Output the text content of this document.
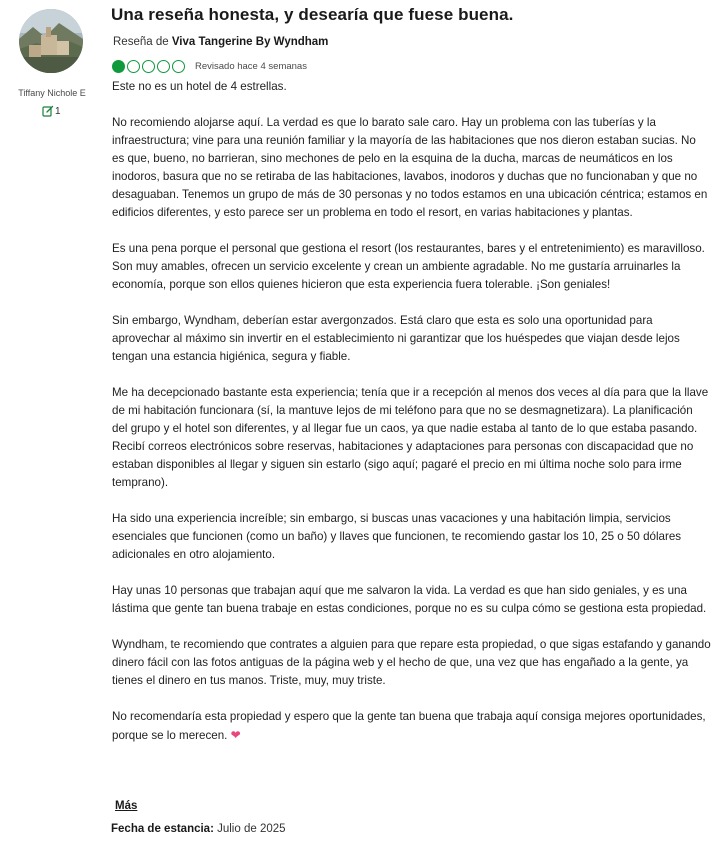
Tiffany Nichole E
1
Una reseña honesta, y desearía que fuese buena.
Reseña de Viva Tangerine By Wyndham
Revisado hace 4 semanas

Este no es un hotel de 4 estrellas.

No recomiendo alojarse aquí. La verdad es que lo barato sale caro. Hay un problema con las tuberías y la infraestructura; vine para una reunión familiar y la mayoría de las habitaciones que nos dieron estaban sucias. No es que, bueno, no barrieran, sino mechones de pelo en la esquina de la ducha, marcas de neumáticos en los inodoros, basura que no se retiraba de las habitaciones, lavabos, inodoros y duchas que no funcionaban y que no desaguaban. Tenemos un grupo de más de 30 personas y no todos estamos en una ubicación céntrica; estamos en edificios diferentes, y esto parece ser un problema en todo el resort, en varias habitaciones y plantas.

Es una pena porque el personal que gestiona el resort (los restaurantes, bares y el entretenimiento) es maravilloso. Son muy amables, ofrecen un servicio excelente y crean un ambiente agradable. No me gustaría arruinarles la economía, porque son ellos quienes hicieron que esta experiencia fuera tolerable. ¡Son geniales!

Sin embargo, Wyndham, deberían estar avergonzados. Está claro que esta es solo una oportunidad para aprovechar al máximo sin invertir en el establecimiento ni garantizar que los huéspedes que viajan desde lejos tengan una estancia higiénica, segura y fiable.

Me ha decepcionado bastante esta experiencia; tenía que ir a recepción al menos dos veces al día para que la llave de mi habitación funcionara (sí, la mantuve lejos de mi teléfono para que no se desmagnetizara). La planificación del grupo y el hotel son diferentes, y al llegar fue un caos, ya que nadie estaba al tanto de lo que estaba pasando. Recibí correos electrónicos sobre reservas, habitaciones y adaptaciones para personas con discapacidad que no estaban disponibles al llegar y siguen sin estarlo (sigo aquí; pagaré el precio en mi última noche solo para irme temprano).

Ha sido una experiencia increíble; sin embargo, si buscas unas vacaciones y una habitación limpia, servicios esenciales que funcionen (como un baño) y llaves que funcionen, te recomiendo gastar los 10, 25 o 50 dólares adicionales en otro alojamiento.

Hay unas 10 personas que trabajan aquí que me salvaron la vida. La verdad es que han sido geniales, y es una lástima que gente tan buena trabaje en estas condiciones, porque no es su culpa cómo se gestiona esta propiedad.

Wyndham, te recomiendo que contrates a alguien para que repare esta propiedad, o que sigas estafando y ganando dinero fácil con las fotos antiguas de la página web y el hecho de que, una vez que has engañado a la gente, ya tienes el dinero en tus manos. Triste, muy, muy triste.

No recomendaría esta propiedad y espero que la gente tan buena que trabaja aquí consiga mejores oportunidades, porque se lo merecen. ❤

Más
Fecha de estancia: Julio de 2025
